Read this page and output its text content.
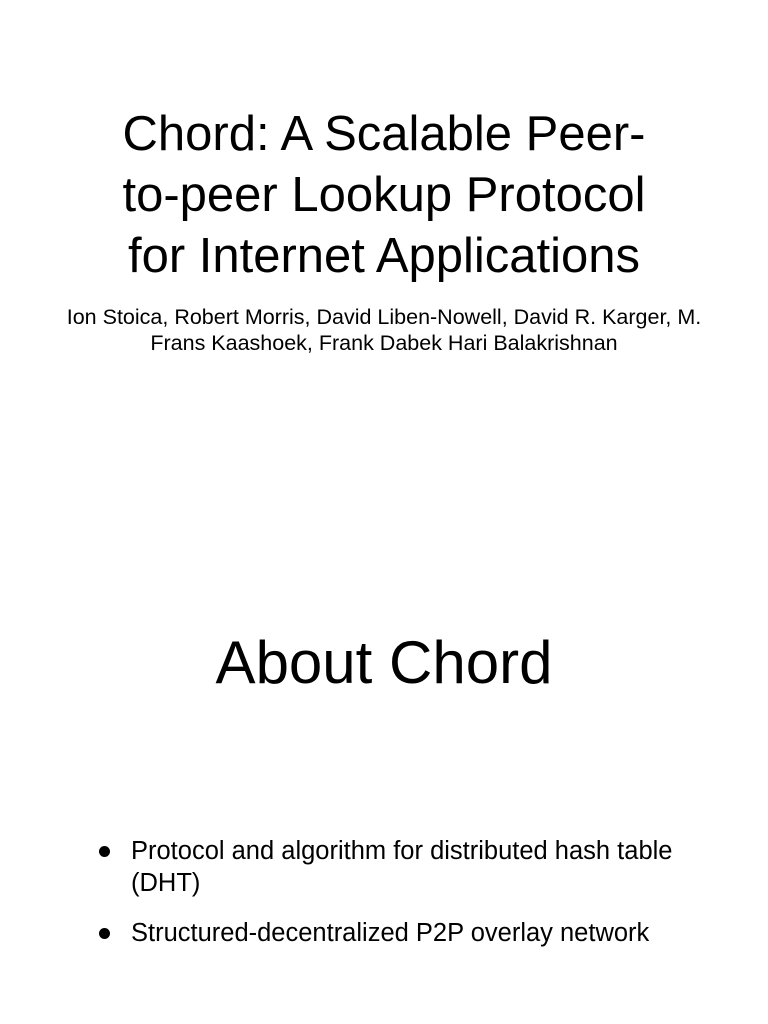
Chord: A Scalable Peer-
to-peer Lookup Protocol
for Internet Applications

Ion Stoica, Robert Morris, David Liben-Nowell, David R. Karger, M. Frans Kaashoek, Frank Dabek Hari Balakrishnan

About Chord
Protocol and algorithm for distributed hash table (DHT)
Structured-decentralized P2P overlay network
